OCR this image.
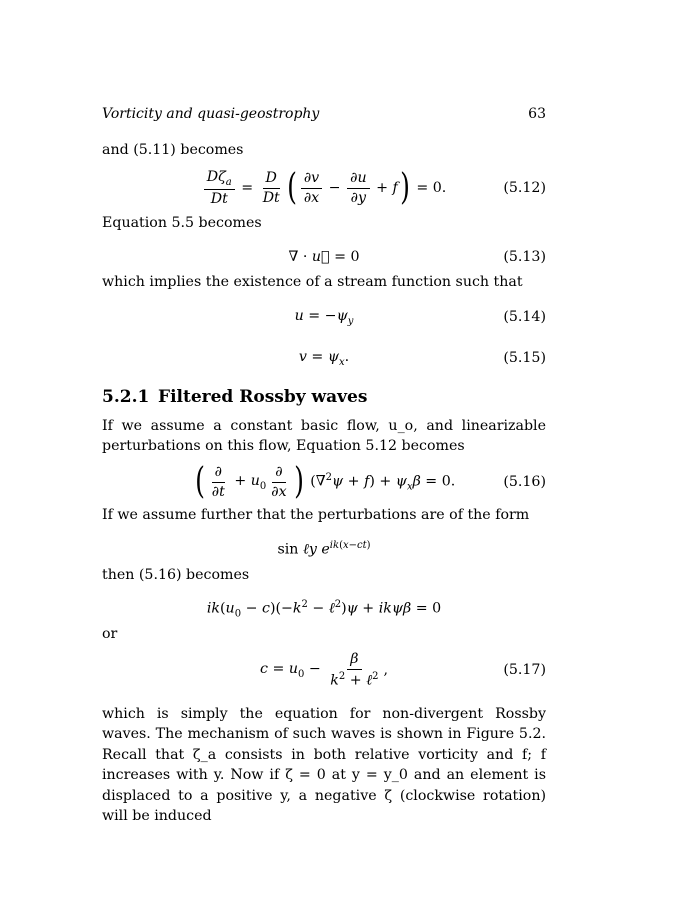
Vorticity and quasi-geostrophy	63

and (5.11) becomes

$\frac{D\zeta_a}{Dt} = \frac{D}{Dt}$ ( $\frac{\partial v}{\partial x} - \frac{\partial u}{\partial y} + f$ ) = 0.	(5.12)

Equation 5.5 becomes

∇ · u⃗ = 0	(5.13)

which implies the existence of a stream function such that

$u = -\psi_y$	(5.14)
$v = \psi_x$.	(5.15)
5.2.1 Filtered Rossby waves

If we assume a constant basic flow, u_o, and linearizable perturbations on this flow, Equation 5.12 becomes

( $\frac{\partial}{\partial t} + u_0 \frac{\partial}{\partial x}$ ) $(\nabla^2\psi + f) + \psi_x\beta = 0$.	(5.16)

If we assume further that the perturbations are of the form

sin ℓy $e^{ik(x-ct)}$

then (5.16) becomes

$ik(u_0 - c)(-k^2$ − ℓ$^2$)ψ + ikψβ = 0

or

$c = u_0 - \frac{\beta}{k^2 + \ell^2}$ ,	(5.17)

which is simply the equation for non-divergent Rossby waves. The mechanism of such waves is shown in Figure 5.2. Recall that ζ_a consists in both relative vorticity and f; f increases with y. Now if ζ = 0 at y = y_0 and an element is displaced to a positive y, a negative ζ (clockwise rotation) will be induced
